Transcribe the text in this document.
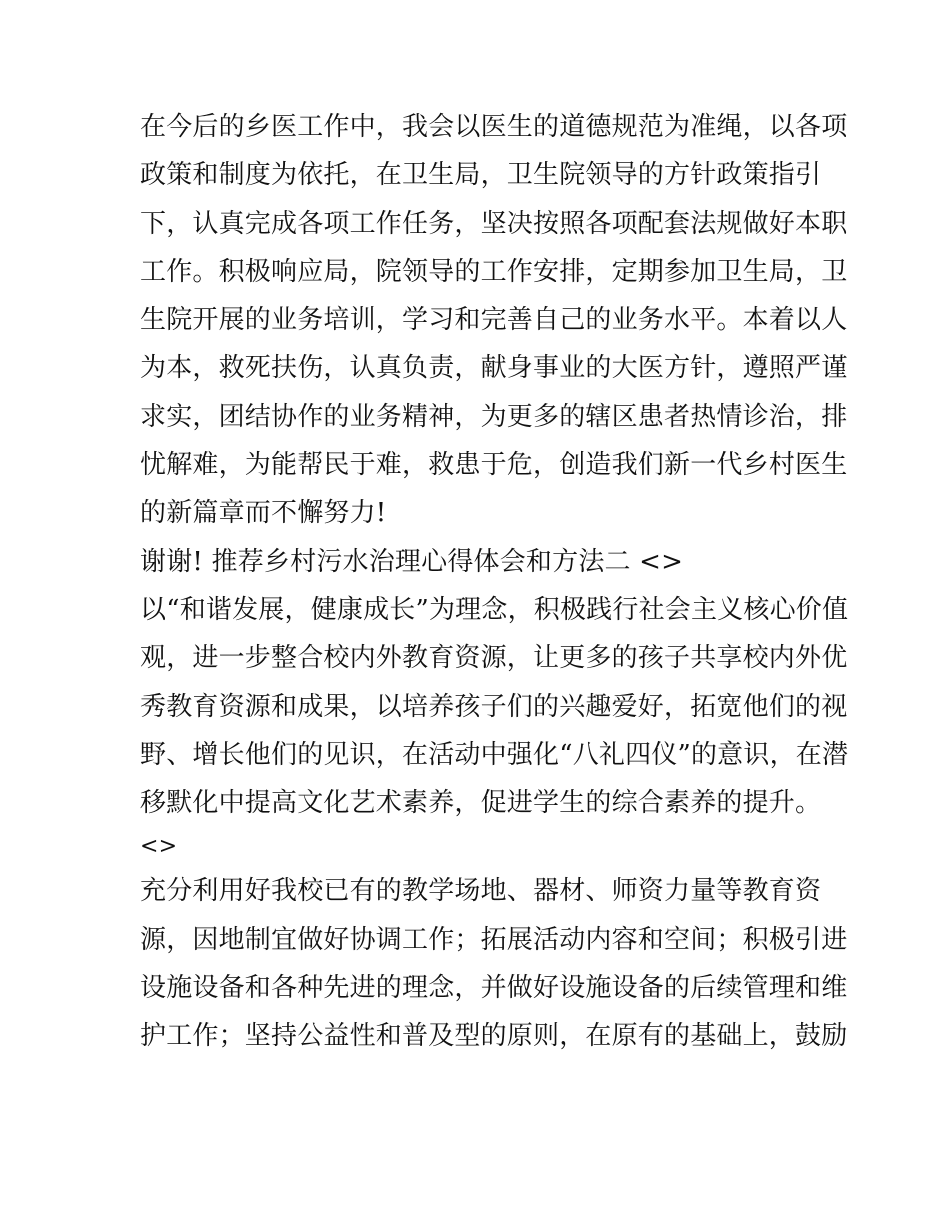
在今后的乡医工作中，我会以医生的道德规范为准绳，以各项
政策和制度为依托，在卫生局，卫生院领导的方针政策指引
下，认真完成各项工作任务，坚决按照各项配套法规做好本职
工作。积极响应局，院领导的工作安排，定期参加卫生局，卫
生院开展的业务培训，学习和完善自己的业务水平。本着以人
为本，救死扶伤，认真负责，献身事业的大医方针，遵照严谨
求实，团结协作的业务精神，为更多的辖区患者热情诊治，排
忧解难，为能帮民于难，救患于危，创造我们新一代乡村医生
的新篇章而不懈努力!
谢谢! 推荐乡村污水治理心得体会和方法二 <>
以“和谐发展，健康成长”为理念，积极践行社会主义核心价值
观，进一步整合校内外教育资源，让更多的孩子共享校内外优
秀教育资源和成果，以培养孩子们的兴趣爱好，拓宽他们的视
野、增长他们的见识，在活动中强化“八礼四仪”的意识，在潜
移默化中提高文化艺术素养，促进学生的综合素养的提升。
<>
充分利用好我校已有的教学场地、器材、师资力量等教育资
源，因地制宜做好协调工作；拓展活动内容和空间；积极引进
设施设备和各种先进的理念，并做好设施设备的后续管理和维
护工作；坚持公益性和普及型的原则，在原有的基础上，鼓励
